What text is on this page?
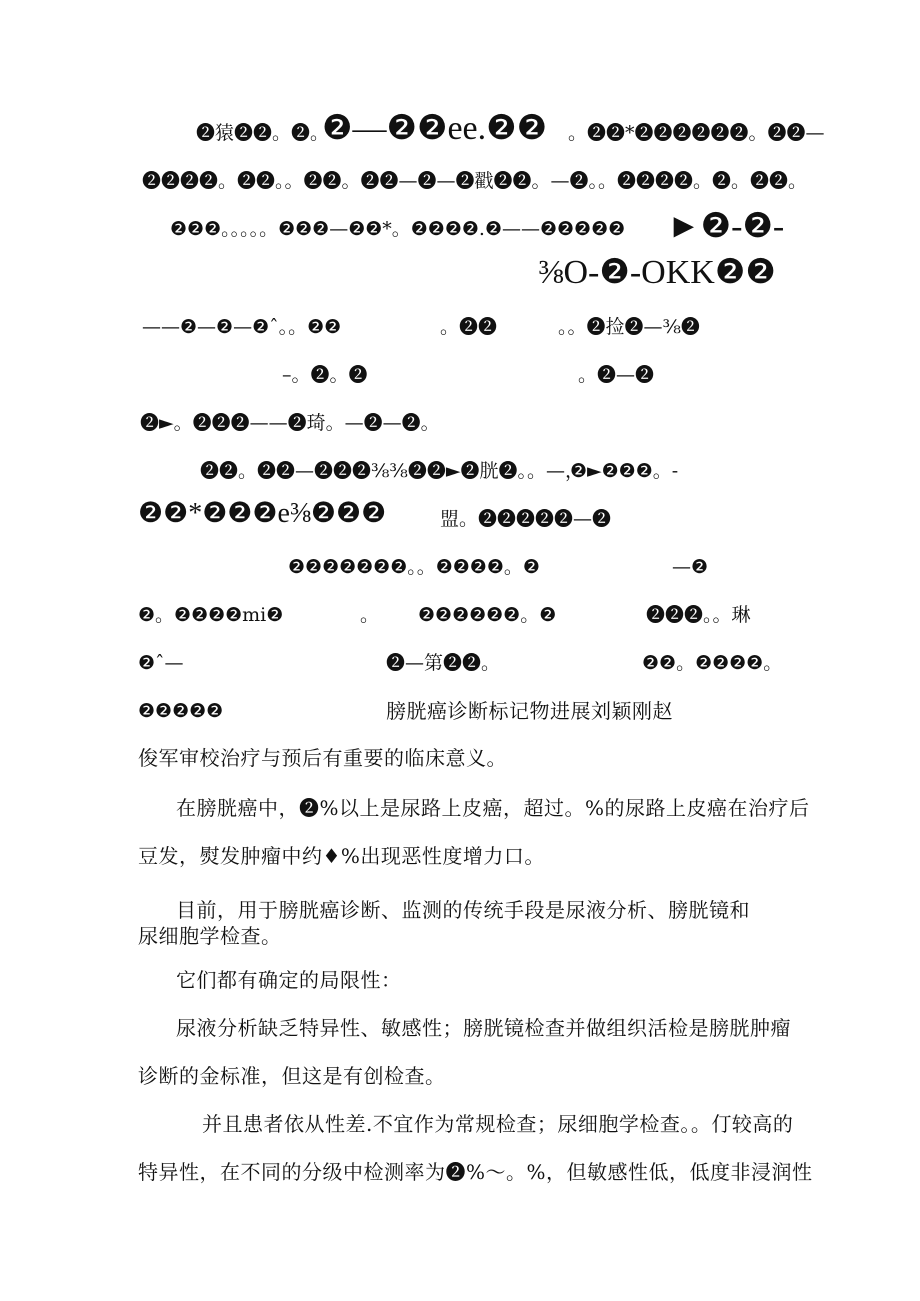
❷猿❷❷。❷。
❷—❷❷ee.❷❷ 。❷❷*❷❷❷❷❷❷。❷❷—
❷❷❷❷。❷❷。。❷❷。❷❷—❷—❷戳❷❷。—❷。。❷❷❷❷。❷。❷❷。
❷❷❷。。。。。❷❷❷—❷❷*。❷❷❷❷.❷——❷❷❷❷❷ ►❷-❷-
⅜O-❷-OKK❷❷
——❷—❷—❷ˆ。。❷❷	。❷❷	。。❷捡❷—⅜❷
–。❷。❷	。❷—❷
❷►。❷❷❷——❷琦。—❷—❷。
❷❷。❷❷—❷❷❷⅜⅜❷❷►❷胱❷。。—，
❷►❷❷❷。-
❷❷*❷❷❷e⅜❷❷❷	盟。❷❷❷❷❷—❷
❷❷❷❷❷❷❷。。❷❷❷❷。❷	—❷
❷。❷❷❷❷mi❷	。 ❷❷❷❷❷❷。❷	❷❷❷。。琳
❷ˆ—	❷—第❷❷。	❷❷。❷❷❷❷。
❷❷❷❷❷	膀胱癌诊断标记物进展刘颖刚赵
俊军审校治疗与预后有重要的临床意义。
在膀胱癌中，❷%以上是尿路上皮癌，超过。%的尿路上皮癌在治疗后
豆发，熨发肿瘤中约♦%出现恶性度增力口。
目前，用于膀胱癌诊断、监测的传统手段是尿液分析、膀胱镜和
尿细胞学检查。
它们都有确定的局限性：
尿液分析缺乏特异性、敏感性；膀胱镜检查并做组织活检是膀胱肿瘤
诊断的金标准，但这是有创检查。
并且患者依从性差.不宜作为常规检查；尿细胞学检查。。仃较高的
特异性，在不同的分级中检测率为❷%～。%，但敏感性低，低度非浸润性
